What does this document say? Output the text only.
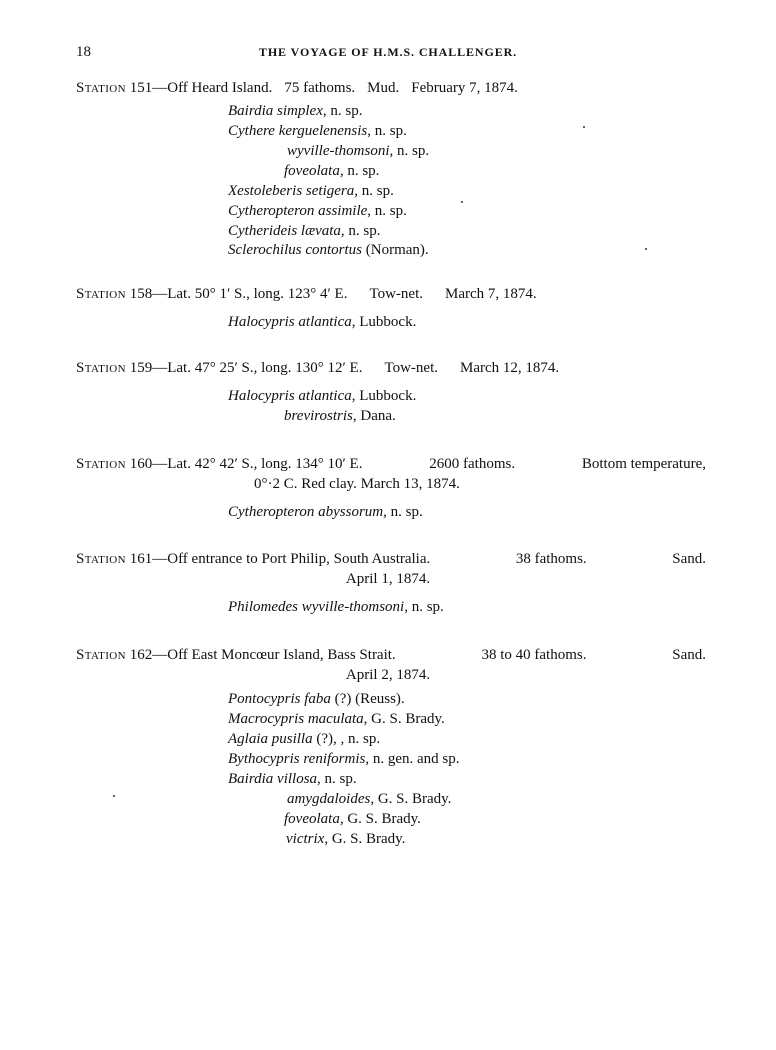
18	THE VOYAGE OF H.M.S. CHALLENGER.
Station 151—Off Heard Island. 75 fathoms. Mud. February 7, 1874.
Bairdia simplex, n. sp.
Cythere kerguelenensis, n. sp.
wyville-thomsoni, n. sp.
foveolata, n. sp.
Xestoleberis setigera, n. sp.
Cytheropteron assimile, n. sp.
Cytherideis lævata, n. sp.
Sclerochilus contortus (Norman).
Station 158—Lat. 50° 1′ S., long. 123° 4′ E. Tow-net. March 7, 1874.
Halocypris atlantica, Lubbock.
Station 159—Lat. 47° 25′ S., long. 130° 12′ E. Tow-net. March 12, 1874.
Halocypris atlantica, Lubbock.
brevirostris, Dana.
Station 160—Lat. 42° 42′ S., long. 134° 10′ E.	2600 fathoms.	Bottom temperature,
0°·2 C. Red clay. March 13, 1874.
Cytheropteron abyssorum, n. sp.
Station 161—Off entrance to Port Philip, South Australia.	38 fathoms.	Sand.
April 1, 1874.
Philomedes wyville-thomsoni, n. sp.
Station 162—Off East Moncœur Island, Bass Strait.	38 to 40 fathoms.	Sand.
April 2, 1874.
Pontocypris faba (?) (Reuss).
Macrocypris maculata, G. S. Brady.
Aglaia pusilla (?), , n. sp.
Bythocypris reniformis, n. gen. and sp.
Bairdia villosa, n. sp.
amygdaloides, G. S. Brady.
foveolata, G. S. Brady.
victrix, G. S. Brady.
